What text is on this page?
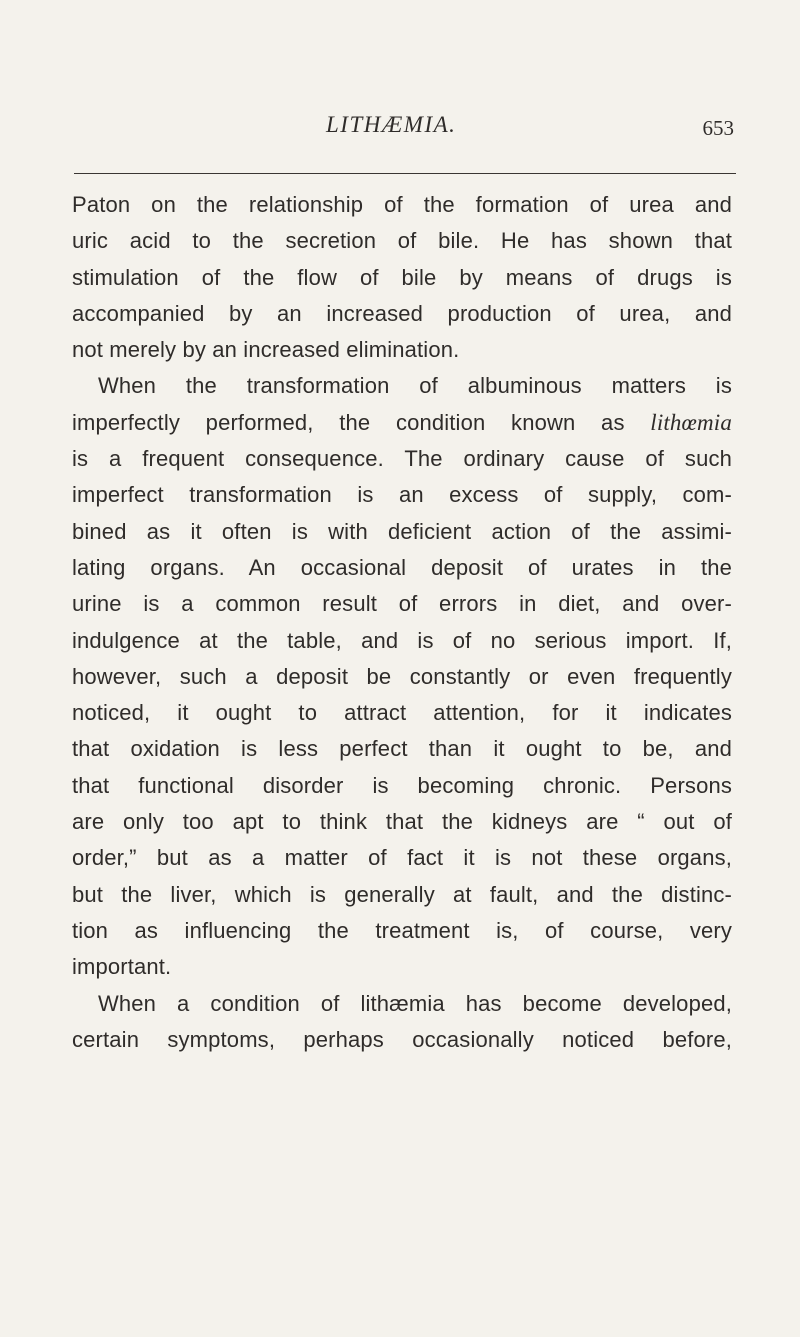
LITHÆMIA.	653
Paton on the relationship of the formation of urea and
uric acid to the secretion of bile. He has shown that
stimulation of the flow of bile by means of drugs is
accompanied by an increased production of urea, and
not merely by an increased elimination.
When the transformation of albuminous matters is
imperfectly performed, the condition known as lithœmia
is a frequent consequence. The ordinary cause of such
imperfect transformation is an excess of supply, com-
bined as it often is with deficient action of the assimi-
lating organs. An occasional deposit of urates in the
urine is a common result of errors in diet, and over-
indulgence at the table, and is of no serious import. If,
however, such a deposit be constantly or even frequently
noticed, it ought to attract attention, for it indicates
that oxidation is less perfect than it ought to be, and
that functional disorder is becoming chronic. Persons
are only too apt to think that the kidneys are “ out of
order,” but as a matter of fact it is not these organs,
but the liver, which is generally at fault, and the distinc-
tion as influencing the treatment is, of course, very
important.
When a condition of lithæmia has become developed,
certain symptoms, perhaps occasionally noticed before,
